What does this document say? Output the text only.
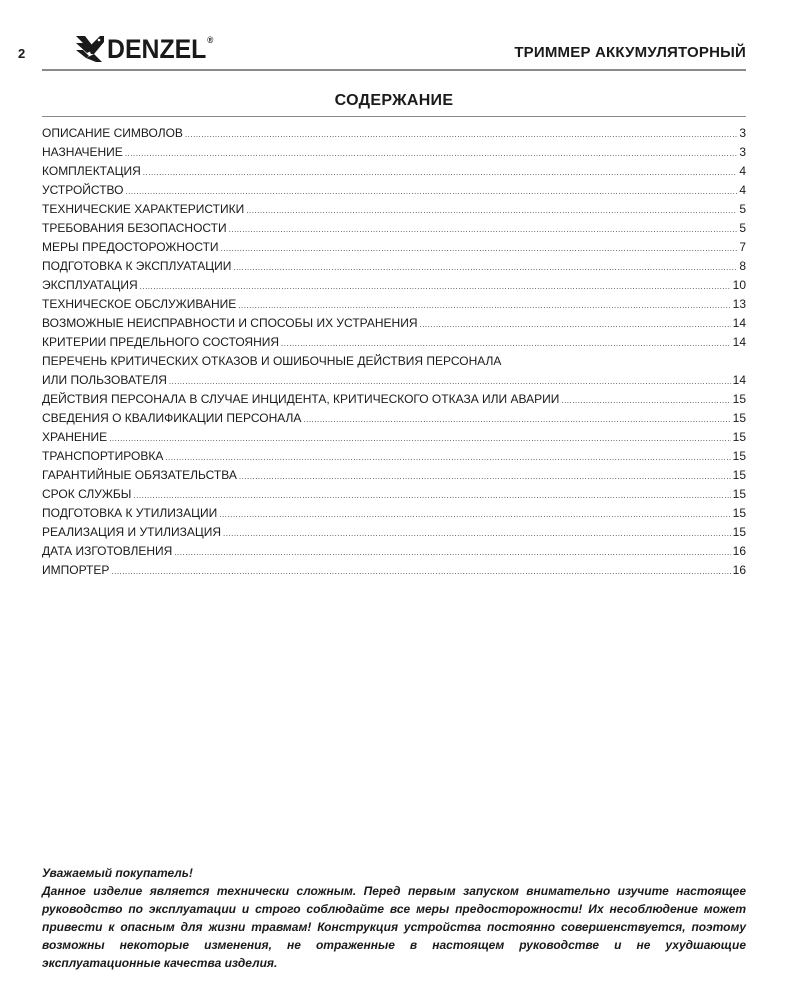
2	DENZEL®
ТРИММЕР АККУМУЛЯТОРНЫЙ
СОДЕРЖАНИЕ
ОПИСАНИЕ СИМВОЛОВ .....	3
НАЗНАЧЕНИЕ .....	3
КОМПЛЕКТАЦИЯ .....	4
УСТРОЙСТВО .....	4
ТЕХНИЧЕСКИЕ ХАРАКТЕРИСТИКИ .....	5
ТРЕБОВАНИЯ БЕЗОПАСНОСТИ .....	5
МЕРЫ ПРЕДОСТОРОЖНОСТИ .....	7
ПОДГОТОВКА К ЭКСПЛУАТАЦИИ .....	8
ЭКСПЛУАТАЦИЯ .....	10
ТЕХНИЧЕСКОЕ ОБСЛУЖИВАНИЕ .....	13
ВОЗМОЖНЫЕ НЕИСПРАВНОСТИ И СПОСОБЫ ИХ УСТРАНЕНИЯ .....	14
КРИТЕРИИ ПРЕДЕЛЬНОГО СОСТОЯНИЯ .....	14
ПЕРЕЧЕНЬ КРИТИЧЕСКИХ ОТКАЗОВ И ОШИБОЧНЫЕ ДЕЙСТВИЯ ПЕРСОНАЛА
ИЛИ ПОЛЬЗОВАТЕЛЯ .....	14
ДЕЙСТВИЯ ПЕРСОНАЛА В СЛУЧАЕ ИНЦИДЕНТА, КРИТИЧЕСКОГО ОТКАЗА ИЛИ АВАРИИ .....	15
СВЕДЕНИЯ О КВАЛИФИКАЦИИ ПЕРСОНАЛА .....	15
ХРАНЕНИЕ .....	15
ТРАНСПОРТИРОВКА .....	15
ГАРАНТИЙНЫЕ ОБЯЗАТЕЛЬСТВА .....	15
СРОК СЛУЖБЫ .....	15
ПОДГОТОВКА К УТИЛИЗАЦИИ .....	15
РЕАЛИЗАЦИЯ И УТИЛИЗАЦИЯ .....	15
ДАТА ИЗГОТОВЛЕНИЯ .....	16
ИМПОРТЕР .....	16

Уважаемый покупатель!

Данное изделие является технически сложным. Перед первым запуском внимательно изучите настоящее руководство по эксплуатации и строго соблюдайте все меры предосторожности! Их несоблюдение может привести к опасным для жизни травмам! Конструкция устройства постоянно совершенствуется, поэтому возможны некоторые изменения, не отраженные в настоящем руководстве и не ухудшающие эксплуатационные качества изделия.
